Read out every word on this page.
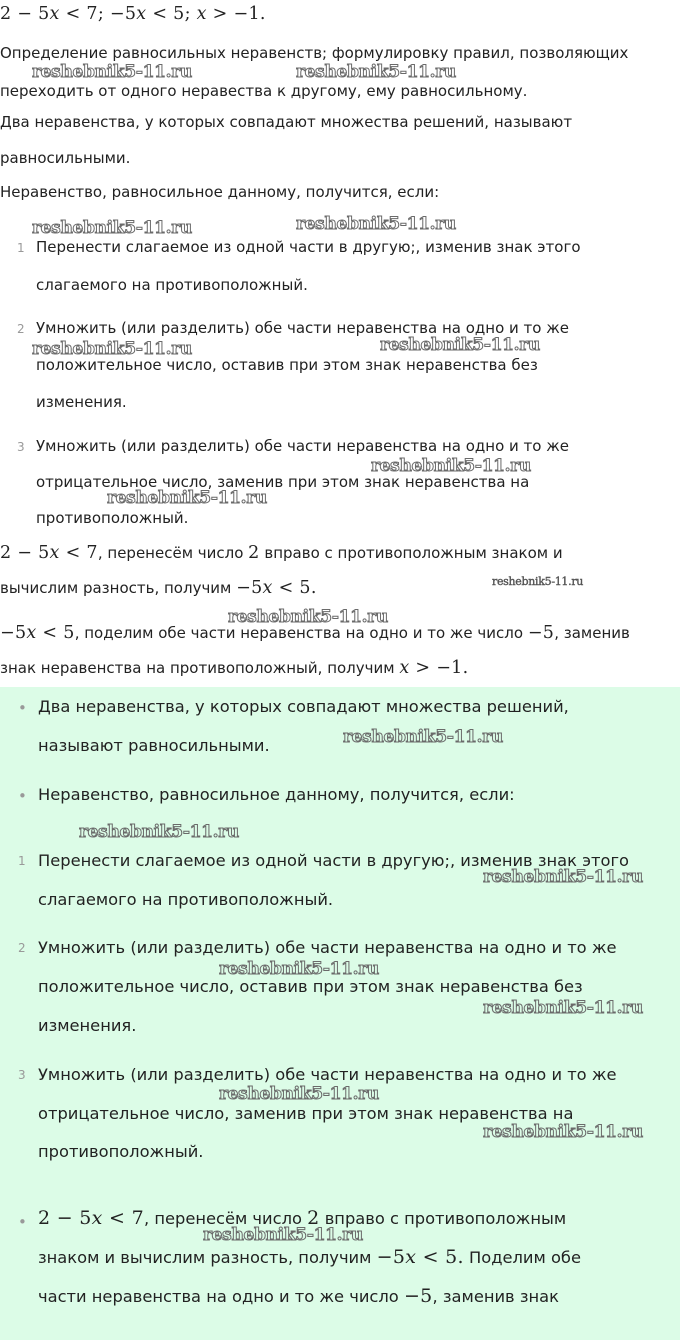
2 − 5𝑥 < 7; −5𝑥 < 5; 𝑥 > −1.
Определение равносильных неравенств; формулировку правил, позволяющих
переходить от одного неравества к другому, ему равносильному.
Два неравенства, у которых совпадают множества решений, называют
равносильными.
Неравенство, равносильное данному, получится, если:
1 Перенести слагаемое из одной части в другую;, изменив знак этого
слагаемого на противоположный.
2 Умножить (или разделить) обе части неравенства на одно и то же
положительное число, оставив при этом знак неравенства без
изменения.
3 Умножить (или разделить) обе части неравенства на одно и то же
отрицательное число, заменив при этом знак неравенства на
противоположный.
2 − 5𝑥 < 7, перенесём число 2 вправо с противоположным знаком и
вычислим разность, получим −5𝑥 < 5.
−5𝑥 < 5, поделим обе части неравенства на одно и то же число −5, заменив
знак неравенства на противоположный, получим 𝑥 > −1.
• Два неравенства, у которых совпадают множества решений,
называют равносильными.
• Неравенство, равносильное данному, получится, если:
1 Перенести слагаемое из одной части в другую;, изменив знак этого
слагаемого на противоположный.
2 Умножить (или разделить) обе части неравенства на одно и то же
положительное число, оставив при этом знак неравенства без
изменения.
3 Умножить (или разделить) обе части неравенства на одно и то же
отрицательное число, заменив при этом знак неравенства на
противоположный.
• 2 − 5𝑥 < 7, перенесём число 2 вправо с противоположным
знаком и вычислим разность, получим −5𝑥 < 5. Поделим обе
части неравенства на одно и то же число −5, заменив знак
reshebnik5-11.ru	reshebnik5-11.ru
reshebnik5-11.ru	reshebnik5-11.ru
reshebnik5-11.ru	reshebnik5-11.ru
reshebnik5-11.ru
reshebnik5-11.ru
reshebnik5-11.ru
reshebnik5-11.ru
